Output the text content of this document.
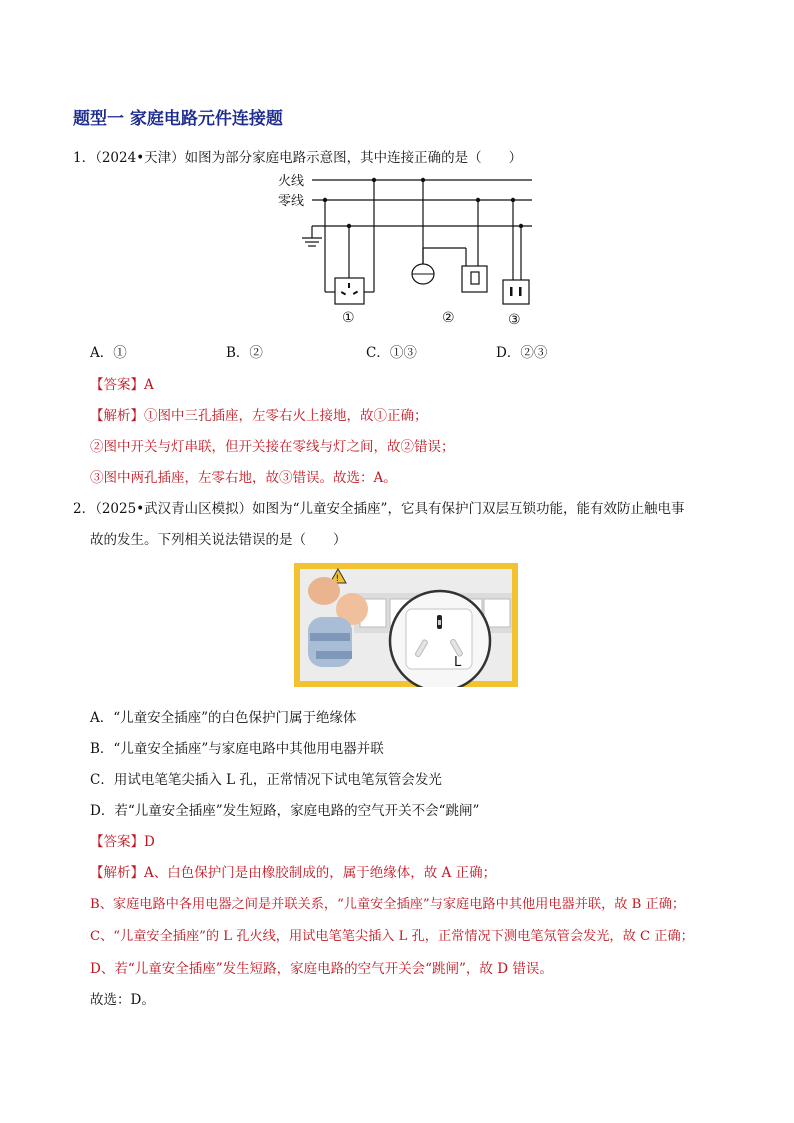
题型一 家庭电路元件连接题
1．（2024•天津）如图为部分家庭电路示意图，其中连接正确的是（　　）
火线
零线
①	②	③
A．①	B．②	C．①③	D．②③
【答案】A
【解析】①图中三孔插座，左零右火上接地，故①正确；
②图中开关与灯串联，但开关接在零线与灯之间，故②错误；
③图中两孔插座，左零右地，故③错误。故选：A。
2．（2025•武汉青山区模拟）如图为“儿童安全插座”，它具有保护门双层互锁功能，能有效防止触电事
故的发生。下列相关说法错误的是（　　）
!
L
A．“儿童安全插座”的白色保护门属于绝缘体
B．“儿童安全插座”与家庭电路中其他用电器并联
C．用试电笔笔尖插入 L 孔，正常情况下试电笔氖管会发光
D．若“儿童安全插座”发生短路，家庭电路的空气开关不会“跳闸”
【答案】D
【解析】A、白色保护门是由橡胶制成的，属于绝缘体，故 A 正确；
B、家庭电路中各用电器之间是并联关系，“儿童安全插座”与家庭电路中其他用电器并联，故 B 正确；
C、“儿童安全插座”的 L 孔火线，用试电笔笔尖插入 L 孔，正常情况下测电笔氖管会发光，故 C 正确；
D、若“儿童安全插座”发生短路，家庭电路的空气开关会“跳闸”，故 D 错误。
故选：D。
